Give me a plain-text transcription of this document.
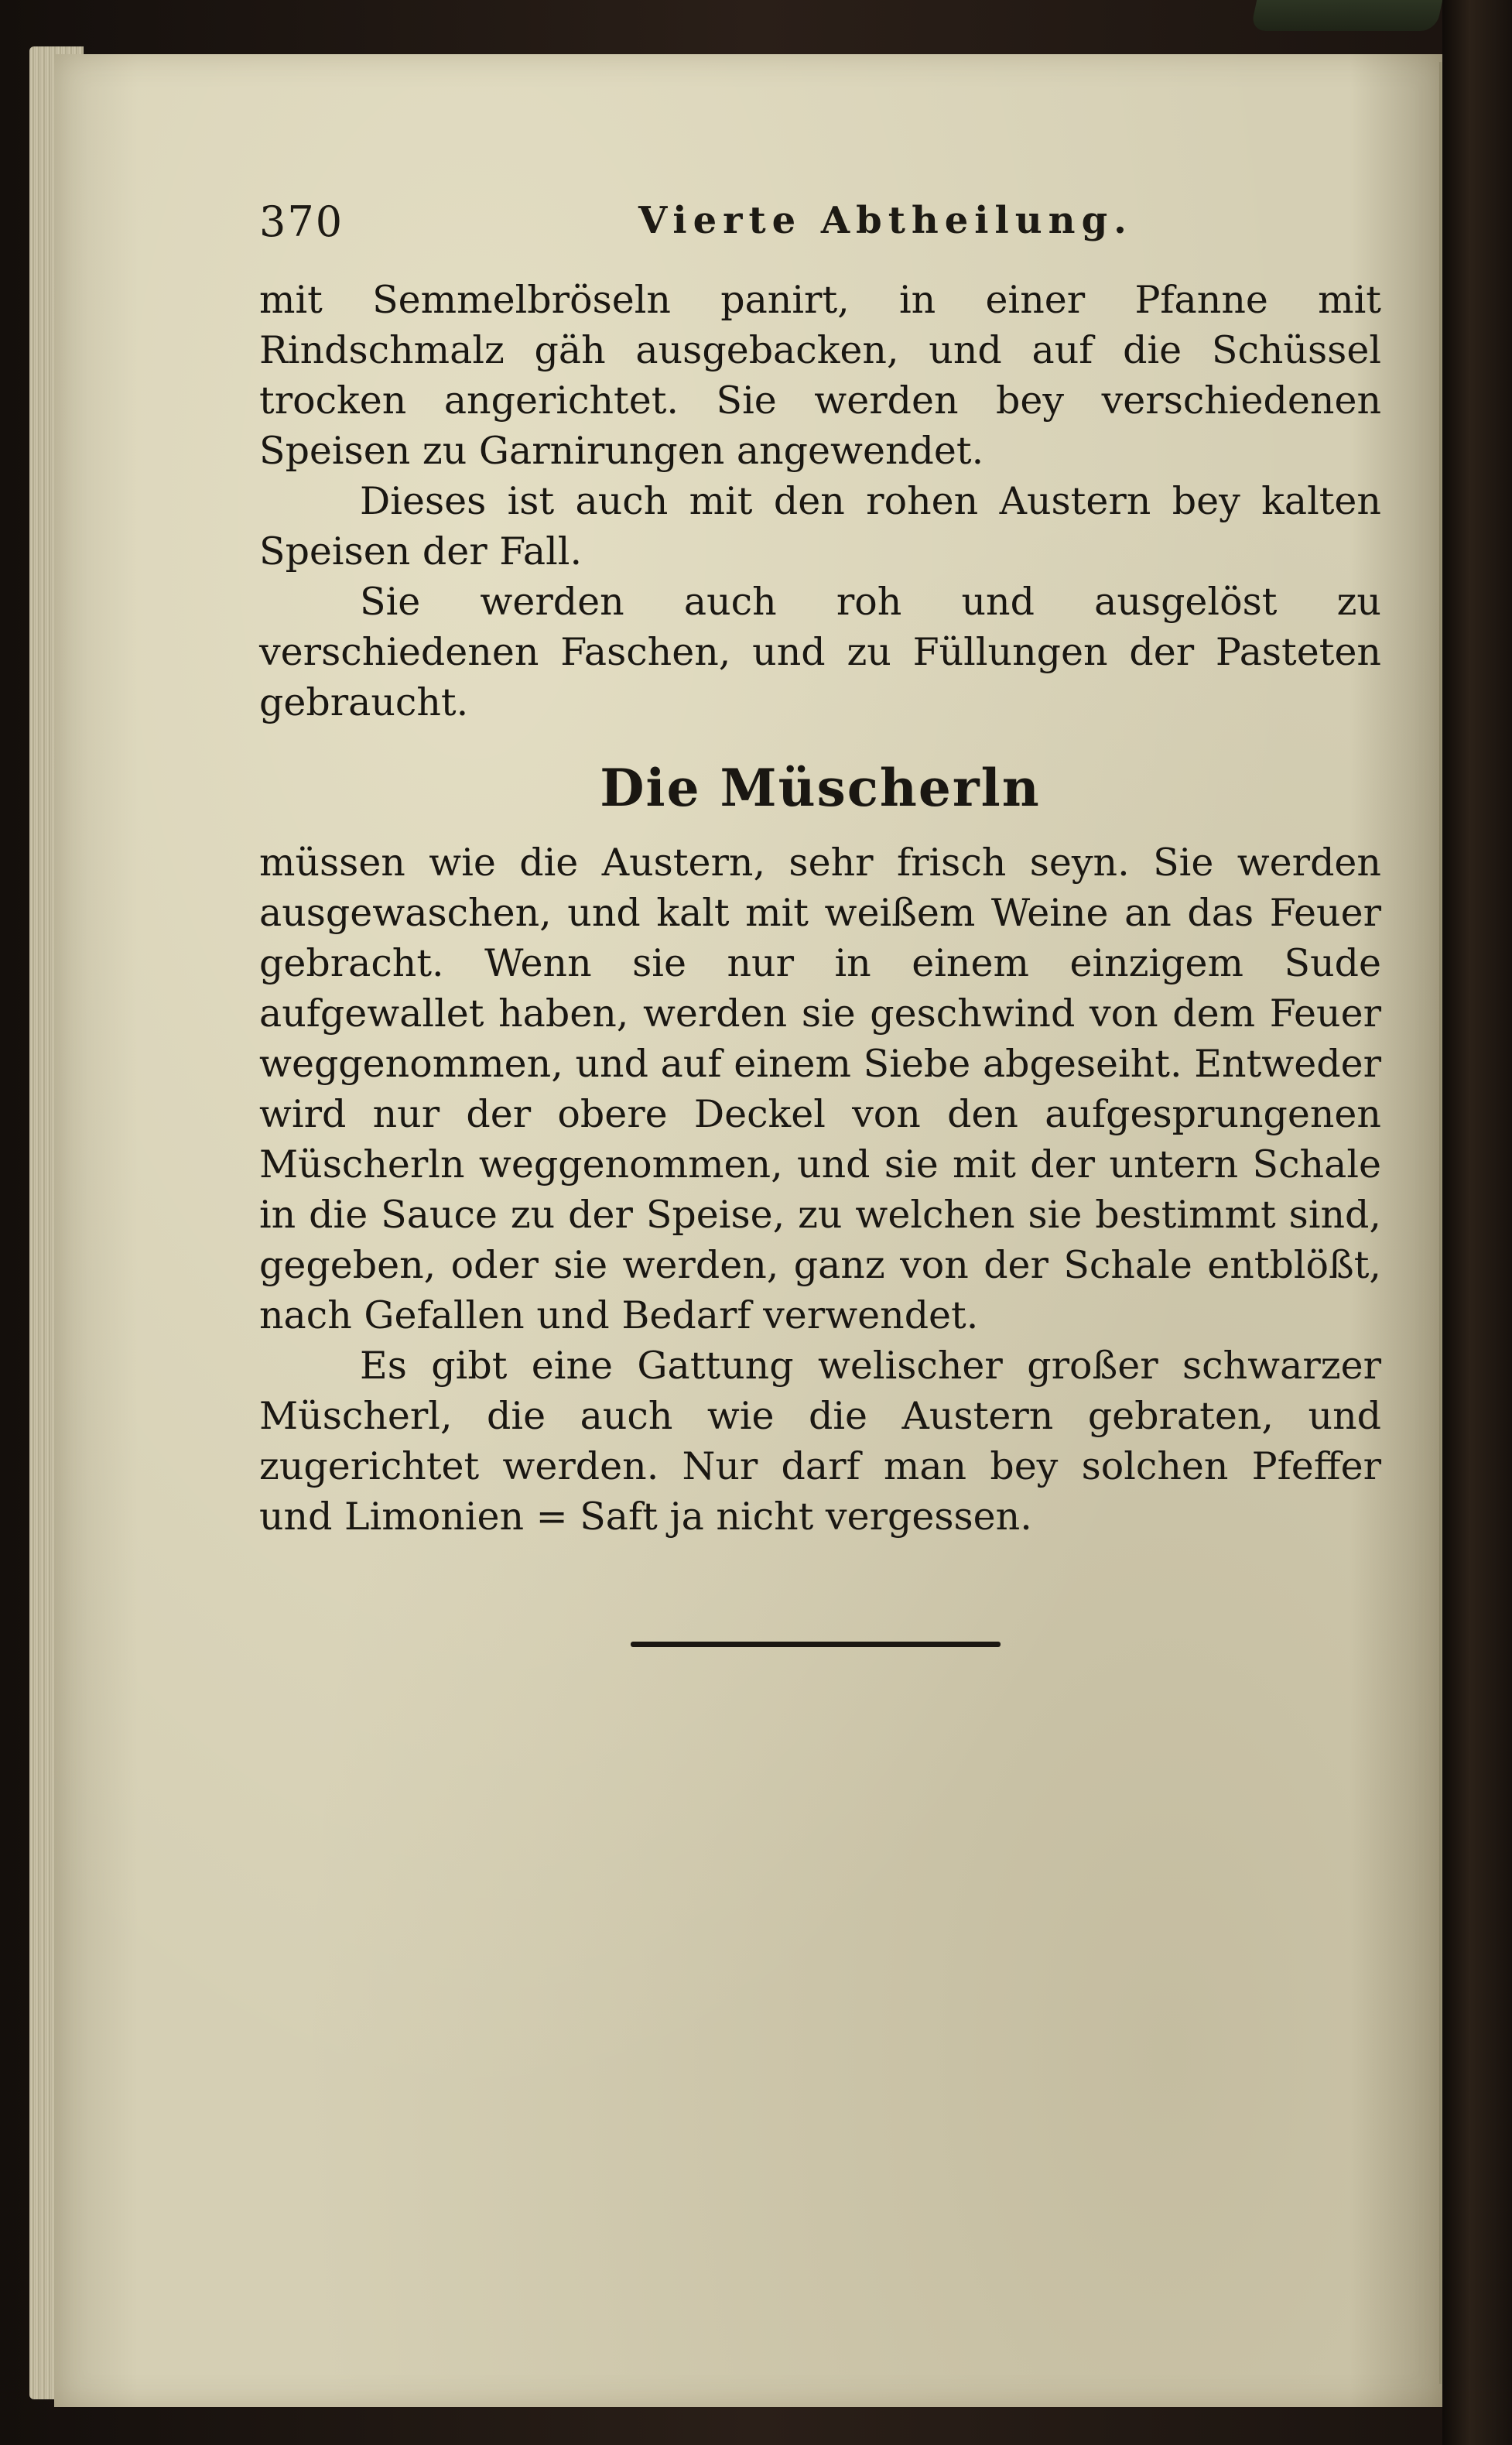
370	Vierte Abtheilung.

mit Semmelbröseln panirt, in einer Pfanne mit Rindschmalz gäh ausgebacken, und auf die Schüssel trocken angerichtet. Sie werden bey verschiedenen Speisen zu Garnirungen angewendet.

Dieses ist auch mit den rohen Austern bey kalten Speisen der Fall.

Sie werden auch roh und ausgelöst zu verschiedenen Faschen, und zu Füllungen der Pasteten gebraucht.

Die Müscherln

müssen wie die Austern, sehr frisch seyn. Sie werden ausgewaschen, und kalt mit weißem Weine an das Feuer gebracht. Wenn sie nur in einem einzigem Sude aufgewallet haben, werden sie geschwind von dem Feuer weggenommen, und auf einem Siebe abgeseiht. Entweder wird nur der obere Deckel von den aufgesprungenen Müscherln weggenommen, und sie mit der untern Schale in die Sauce zu der Speise, zu welchen sie bestimmt sind, gegeben, oder sie werden, ganz von der Schale entblößt, nach Gefallen und Bedarf verwendet.

Es gibt eine Gattung welischer großer schwarzer Müscherl, die auch wie die Austern gebraten, und zugerichtet werden. Nur darf man bey solchen Pfeffer und Limonien = Saft ja nicht vergessen.
